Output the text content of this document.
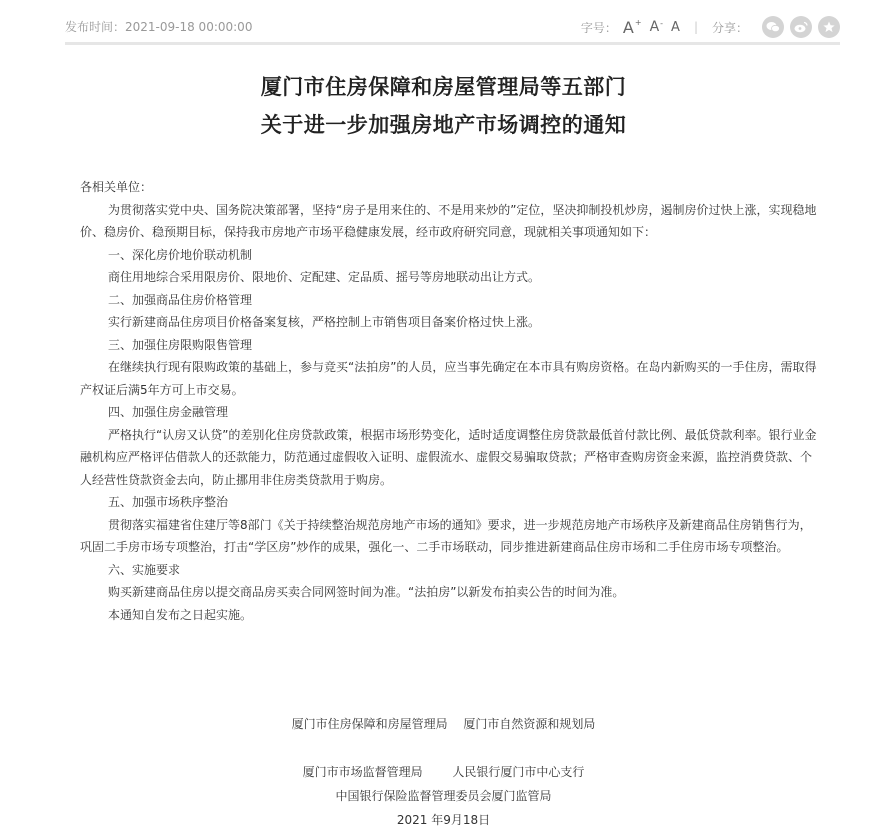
发布时间：2021-09-18 00:00:00	字号： A+ A- A | 分享：
厦门市住房保障和房屋管理局等五部门
关于进一步加强房地产市场调控的通知

各相关单位：

为贯彻落实党中央、国务院决策部署，坚持“房子是用来住的、不是用来炒的”定位，坚决抑制投机炒房，遏制房价过快上涨，实现稳地价、稳房价、稳预期目标，保持我市房地产市场平稳健康发展，经市政府研究同意，现就相关事项通知如下：

一、深化房价地价联动机制

商住用地综合采用限房价、限地价、定配建、定品质、摇号等房地联动出让方式。

二、加强商品住房价格管理

实行新建商品住房项目价格备案复核，严格控制上市销售项目备案价格过快上涨。

三、加强住房限购限售管理

在继续执行现有限购政策的基础上，参与竞买“法拍房”的人员，应当事先确定在本市具有购房资格。在岛内新购买的一手住房，需取得产权证后满5年方可上市交易。

四、加强住房金融管理

严格执行“认房又认贷”的差别化住房贷款政策，根据市场形势变化，适时适度调整住房贷款最低首付款比例、最低贷款利率。银行业金融机构应严格评估借款人的还款能力，防范通过虚假收入证明、虚假流水、虚假交易骗取贷款；严格审查购房资金来源，监控消费贷款、个人经营性贷款资金去向，防止挪用非住房类贷款用于购房。

五、加强市场秩序整治

贯彻落实福建省住建厅等8部门《关于持续整治规范房地产市场的通知》要求，进一步规范房地产市场秩序及新建商品住房销售行为，巩固二手房市场专项整治，打击“学区房”炒作的成果，强化一、二手市场联动，同步推进新建商品住房市场和二手住房市场专项整治。

六、实施要求

购买新建商品住房以提交商品房买卖合同网签时间为准。“法拍房”以新发布拍卖公告的时间为准。

本通知自发布之日起实施。

厦门市住房保障和房屋管理局 厦门市自然资源和规划局
厦门市市场监督管理局 人民银行厦门市中心支行
中国银行保险监督管理委员会厦门监管局
2021 年9月18日
